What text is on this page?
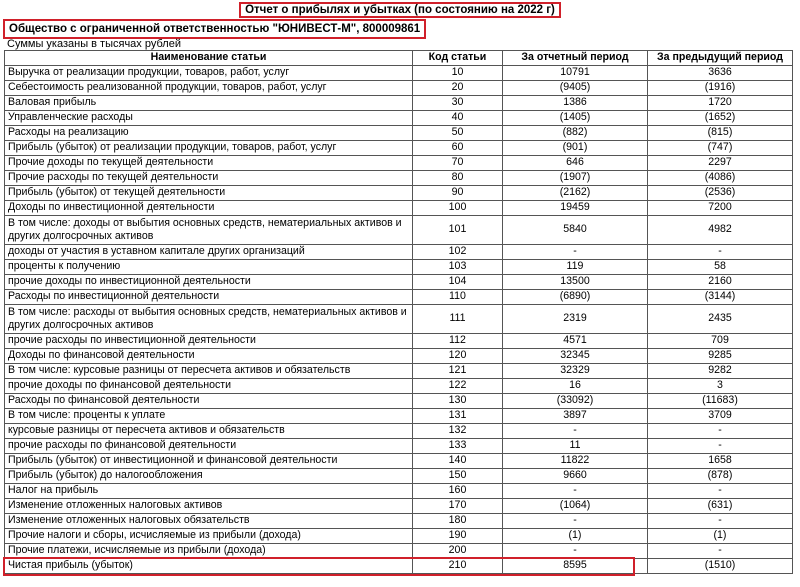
Отчет о прибылях и убытках (по состоянию на 2022 г)
Общество с ограниченной ответственностью "ЮНИВЕСТ-М", 800009861
Суммы указаны в тысячах рублей
Наименование статьи	Код статьи	За отчетный период	За предыдущий период
Выручка от реализации продукции, товаров, работ, услуг	10	10791	3636
Себестоимость реализованной продукции, товаров, работ, услуг	20	(9405)	(1916)
Валовая прибыль	30	1386	1720
Управленческие расходы	40	(1405)	(1652)
Расходы на реализацию	50	(882)	(815)
Прибыль (убыток) от реализации продукции, товаров, работ, услуг	60	(901)	(747)
Прочие доходы по текущей деятельности	70	646	2297
Прочие расходы по текущей деятельности	80	(1907)	(4086)
Прибыль (убыток) от текущей деятельности	90	(2162)	(2536)
Доходы по инвестиционной деятельности	100	19459	7200
В том числе: доходы от выбытия основных средств, нематериальных активов и других долгосрочных активов	101	5840	4982
доходы от участия в уставном капитале других организаций	102	-	-
проценты к получению	103	119	58
прочие доходы по инвестиционной деятельности	104	13500	2160
Расходы по инвестиционной деятельности	110	(6890)	(3144)
В том числе: расходы от выбытия основных средств, нематериальных активов и других долгосрочных активов	111	2319	2435
прочие расходы по инвестиционной деятельности	112	4571	709
Доходы по финансовой деятельности	120	32345	9285
В том числе: курсовые разницы от пересчета активов и обязательств	121	32329	9282
прочие доходы по финансовой деятельности	122	16	3
Расходы по финансовой деятельности	130	(33092)	(11683)
В том числе: проценты к уплате	131	3897	3709
курсовые разницы от пересчета активов и обязательств	132	-	-
прочие расходы по финансовой деятельности	133	11	-
Прибыль (убыток) от инвестиционной и финансовой деятельности	140	11822	1658
Прибыль (убыток) до налогообложения	150	9660	(878)
Налог на прибыль	160	-	-
Изменение отложенных налоговых активов	170	(1064)	(631)
Изменение отложенных налоговых обязательств	180	-	-
Прочие налоги и сборы, исчисляемые из прибыли (дохода)	190	(1)	(1)
Прочие платежи, исчисляемые из прибыли (дохода)	200	-	-
Чистая прибыль (убыток)	210	8595	(1510)
